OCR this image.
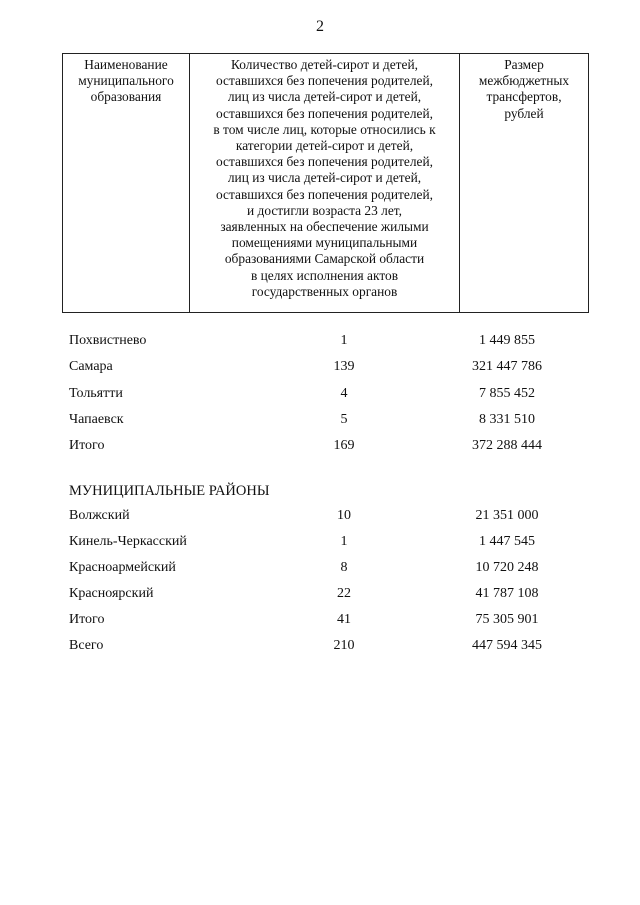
2
Наименование
муниципального
образования

Количество детей-сирот и детей,
оставшихся без попечения родителей,
лиц из числа детей-сирот и детей,
оставшихся без попечения родителей,
в том числе лиц, которые относились к
категории детей-сирот и детей,
оставшихся без попечения родителей,
лиц из числа детей-сирот и детей,
оставшихся без попечения родителей,
и достигли возраста 23 лет,
заявленных на обеспечение жилыми
помещениями муниципальными
образованиями Самарской области
в целях исполнения актов
государственных органов

Размер
межбюджетных
трансфертов,
рублей
Похвистнево	1	1 449 855
Самара	139	321 447 786
Тольятти	4	7 855 452
Чапаевск	5	8 331 510
Итого	169	372 288 444
МУНИЦИПАЛЬНЫЕ РАЙОНЫ
Волжский	10	21 351 000
Кинель-Черкасский	1	1 447 545
Красноармейский	8	10 720 248
Красноярский	22	41 787 108
Итого	41	75 305 901
Всего	210	447 594 345
